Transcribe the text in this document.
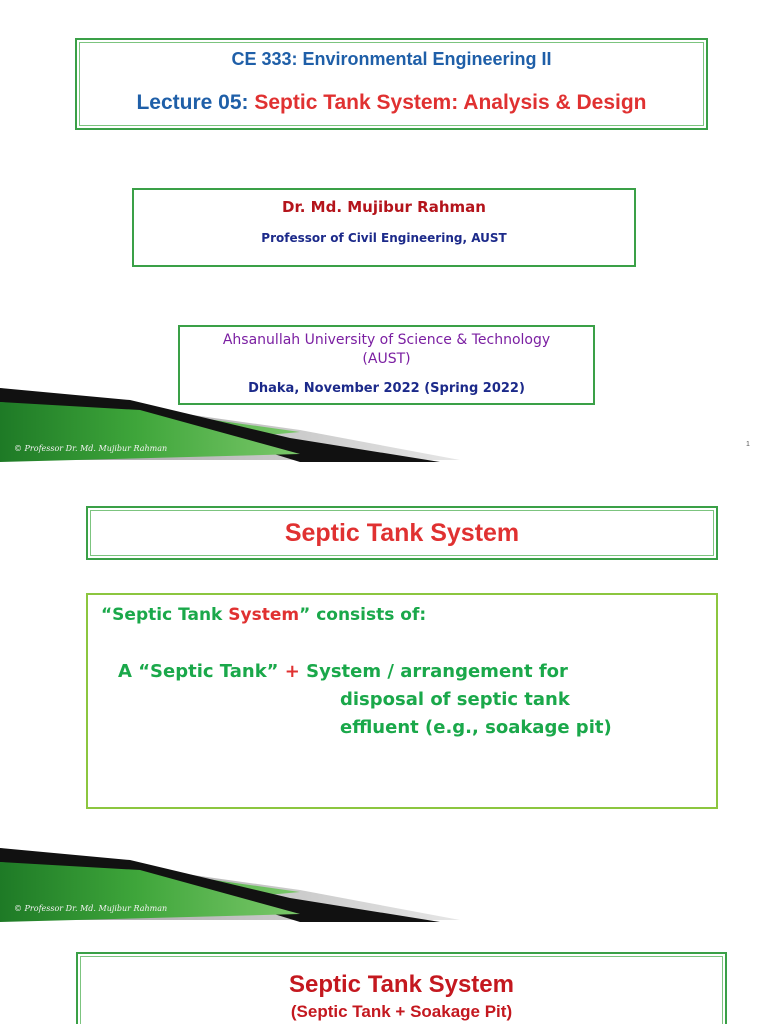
CE 333: Environmental Engineering II
Lecture 05: Septic Tank System: Analysis & Design
Dr. Md. Mujibur Rahman
Professor of Civil Engineering, AUST
Ahsanullah University of Science & Technology
(AUST)
Dhaka, November 2022 (Spring 2022)
© Professor Dr. Md. Mujibur Rahman	1
Septic Tank System
“Septic Tank System” consists of:
A “Septic Tank” + System / arrangement for
disposal of septic tank
effluent (e.g., soakage pit)
© Professor Dr. Md. Mujibur Rahman
Septic Tank System
(Septic Tank + Soakage Pit)
